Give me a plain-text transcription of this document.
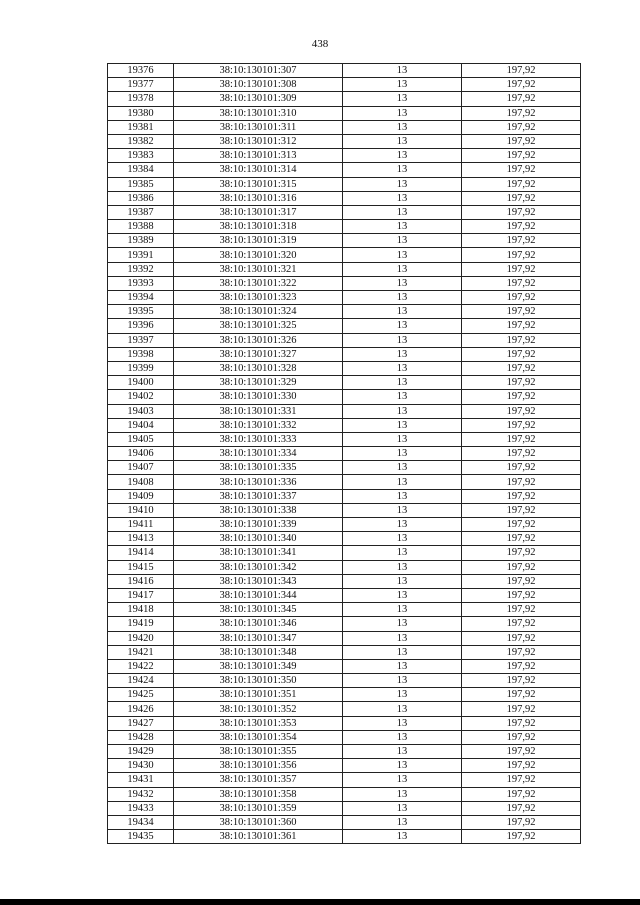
438
19376	38:10:130101:307	13	197,92
19377	38:10:130101:308	13	197,92
19378	38:10:130101:309	13	197,92
19380	38:10:130101:310	13	197,92
19381	38:10:130101:311	13	197,92
19382	38:10:130101:312	13	197,92
19383	38:10:130101:313	13	197,92
19384	38:10:130101:314	13	197,92
19385	38:10:130101:315	13	197,92
19386	38:10:130101:316	13	197,92
19387	38:10:130101:317	13	197,92
19388	38:10:130101:318	13	197,92
19389	38:10:130101:319	13	197,92
19391	38:10:130101:320	13	197,92
19392	38:10:130101:321	13	197,92
19393	38:10:130101:322	13	197,92
19394	38:10:130101:323	13	197,92
19395	38:10:130101:324	13	197,92
19396	38:10:130101:325	13	197,92
19397	38:10:130101:326	13	197,92
19398	38:10:130101:327	13	197,92
19399	38:10:130101:328	13	197,92
19400	38:10:130101:329	13	197,92
19402	38:10:130101:330	13	197,92
19403	38:10:130101:331	13	197,92
19404	38:10:130101:332	13	197,92
19405	38:10:130101:333	13	197,92
19406	38:10:130101:334	13	197,92
19407	38:10:130101:335	13	197,92
19408	38:10:130101:336	13	197,92
19409	38:10:130101:337	13	197,92
19410	38:10:130101:338	13	197,92
19411	38:10:130101:339	13	197,92
19413	38:10:130101:340	13	197,92
19414	38:10:130101:341	13	197,92
19415	38:10:130101:342	13	197,92
19416	38:10:130101:343	13	197,92
19417	38:10:130101:344	13	197,92
19418	38:10:130101:345	13	197,92
19419	38:10:130101:346	13	197,92
19420	38:10:130101:347	13	197,92
19421	38:10:130101:348	13	197,92
19422	38:10:130101:349	13	197,92
19424	38:10:130101:350	13	197,92
19425	38:10:130101:351	13	197,92
19426	38:10:130101:352	13	197,92
19427	38:10:130101:353	13	197,92
19428	38:10:130101:354	13	197,92
19429	38:10:130101:355	13	197,92
19430	38:10:130101:356	13	197,92
19431	38:10:130101:357	13	197,92
19432	38:10:130101:358	13	197,92
19433	38:10:130101:359	13	197,92
19434	38:10:130101:360	13	197,92
19435	38:10:130101:361	13	197,92
